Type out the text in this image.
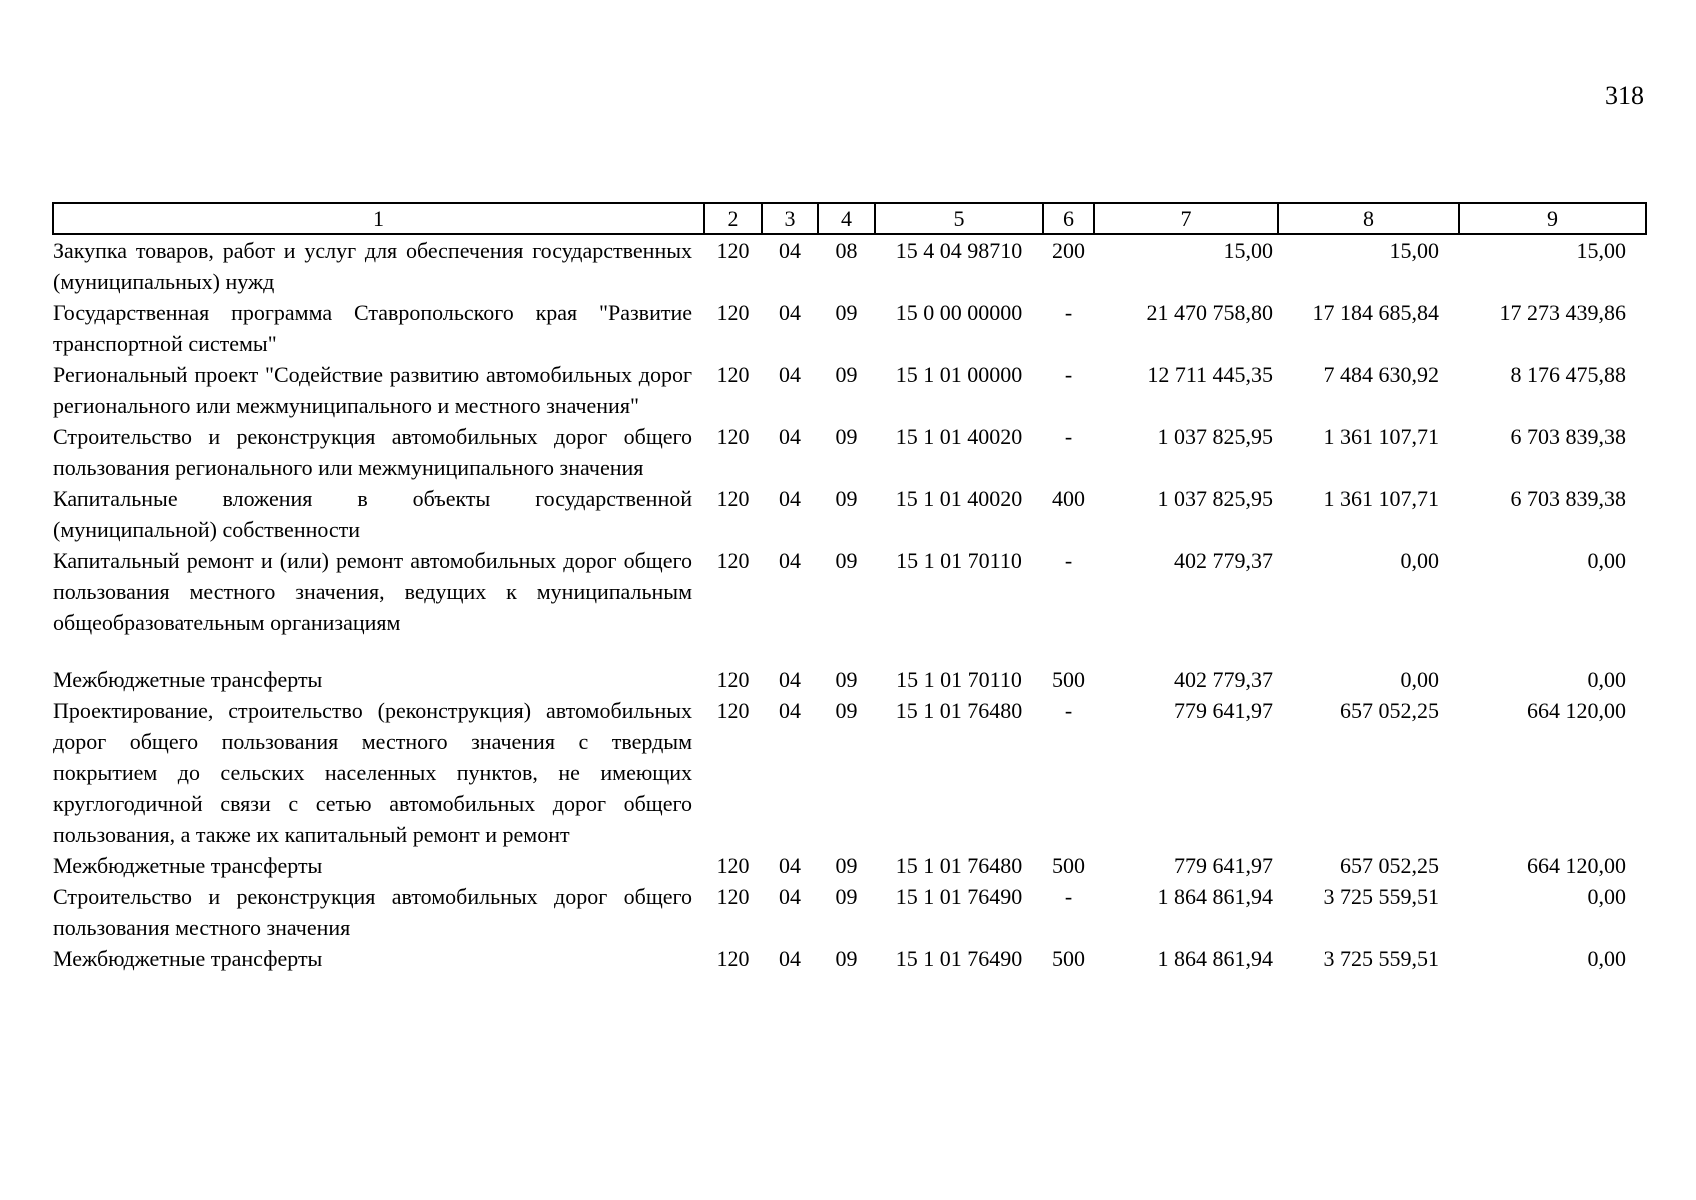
318
1	2	3	4	5	6	7	8	9
Закупка товаров, работ и услуг для обеспечения государственных (муниципальных) нужд	120	04	08	15 4 04 98710	200	15,00	15,00	15,00
Государственная программа Ставропольского края "Развитие транспортной системы"	120	04	09	15 0 00 00000	-	21 470 758,80	17 184 685,84	17 273 439,86
Региональный проект "Содействие развитию автомобильных дорог регионального или межмуниципального и местного значения"	120	04	09	15 1 01 00000	-	12 711 445,35	7 484 630,92	8 176 475,88
Строительство и реконструкция автомобильных дорог общего пользования регионального или межмуниципального значения	120	04	09	15 1 01 40020	-	1 037 825,95	1 361 107,71	6 703 839,38
Капитальные вложения в объекты государственной (муниципальной) собственности	120	04	09	15 1 01 40020	400	1 037 825,95	1 361 107,71	6 703 839,38
Капитальный ремонт и (или) ремонт автомобильных дорог общего пользования местного значения, ведущих к муниципальным общеобразовательным организациям	120	04	09	15 1 01 70110	-	402 779,37	0,00	0,00

Межбюджетные трансферты	120	04	09	15 1 01 70110	500	402 779,37	0,00	0,00
Проектирование, строительство (реконструкция) автомобильных дорог общего пользования местного значения с твердым покрытием до сельских населенных пунктов, не имеющих круглогодичной связи с сетью автомобильных дорог общего пользования, а также их капитальный ремонт и ремонт	120	04	09	15 1 01 76480	-	779 641,97	657 052,25	664 120,00
Межбюджетные трансферты	120	04	09	15 1 01 76480	500	779 641,97	657 052,25	664 120,00
Строительство и реконструкция автомобильных дорог общего пользования местного значения	120	04	09	15 1 01 76490	-	1 864 861,94	3 725 559,51	0,00
Межбюджетные трансферты	120	04	09	15 1 01 76490	500	1 864 861,94	3 725 559,51	0,00
